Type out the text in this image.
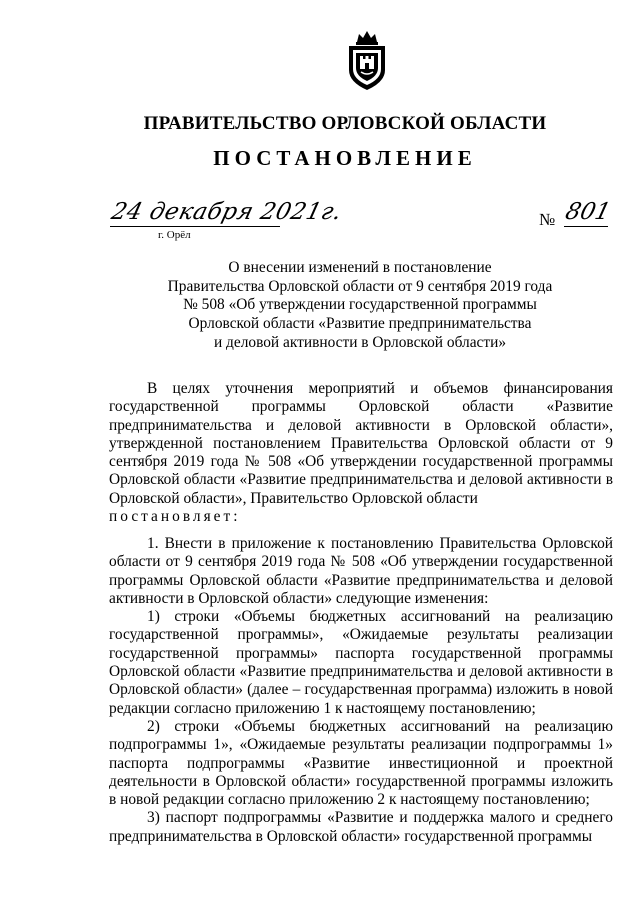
ПРАВИТЕЛЬСТВО ОРЛОВСКОЙ ОБЛАСТИ
ПОСТАНОВЛЕНИЕ
24 декабря 2021г.
г. Орёл
№ 801
О внесении изменений в постановление
Правительства Орловской области от 9 сентября 2019 года
№ 508 «Об утверждении государственной программы
Орловской области «Развитие предпринимательства
и деловой активности в Орловской области»

В целях уточнения мероприятий и объемов финансирования государственной программы Орловской области «Развитие предпринимательства и деловой активности в Орловской области», утвержденной постановлением Правительства Орловской области от 9 сентября 2019 года № 508 «Об утверждении государственной программы Орловской области «Развитие предпринимательства и деловой активности в Орловской области», Правительство Орловской области

постановляет:

1. Внести в приложение к постановлению Правительства Орловской области от 9 сентября 2019 года № 508 «Об утверждении государственной программы Орловской области «Развитие предпринимательства и деловой активности в Орловской области» следующие изменения:

1) строки «Объемы бюджетных ассигнований на реализацию государственной программы», «Ожидаемые результаты реализации государственной программы» паспорта государственной программы Орловской области «Развитие предпринимательства и деловой активности в Орловской области» (далее – государственная программа) изложить в новой редакции согласно приложению 1 к настоящему постановлению;

2) строки «Объемы бюджетных ассигнований на реализацию подпрограммы 1», «Ожидаемые результаты реализации подпрограммы 1» паспорта подпрограммы «Развитие инвестиционной и проектной деятельности в Орловской области» государственной программы изложить в новой редакции согласно приложению 2 к настоящему постановлению;

3) паспорт подпрограммы «Развитие и поддержка малого и среднего предпринимательства в Орловской области» государственной программы
